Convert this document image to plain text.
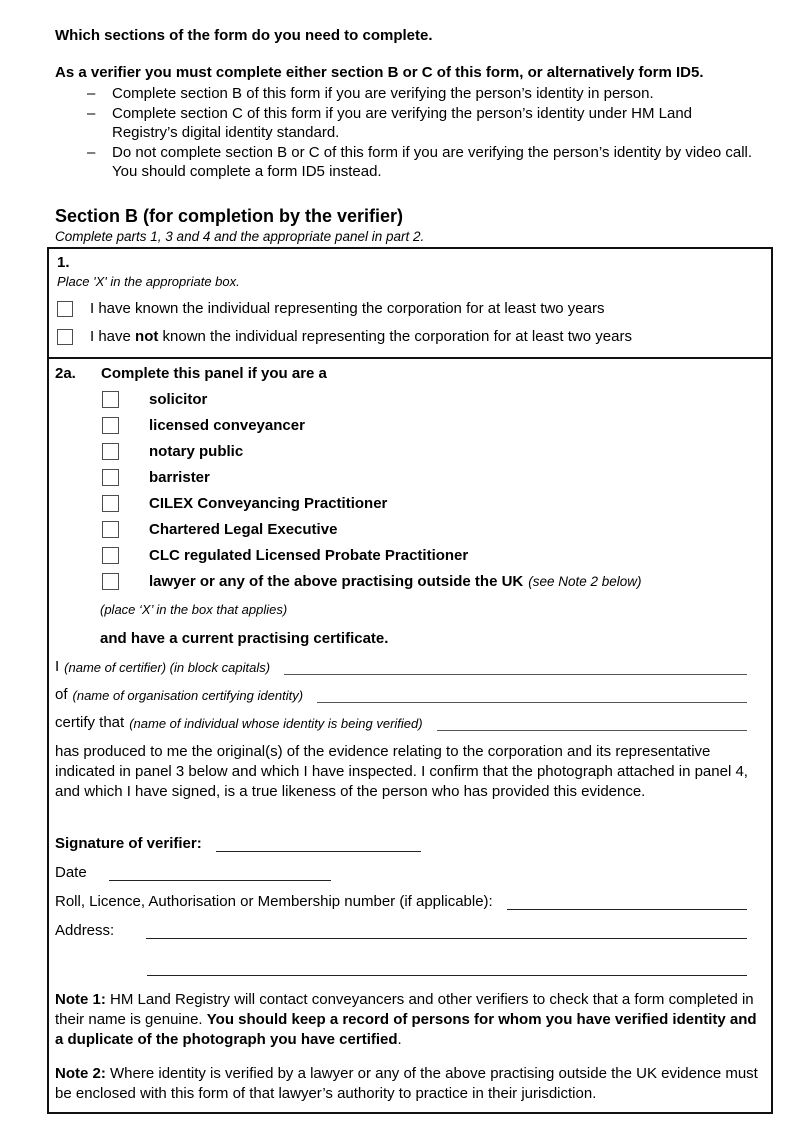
Which sections of the form do you need to complete.
As a verifier you must complete either section B or C of this form, or alternatively form ID5.
– Complete section B of this form if you are verifying the person’s identity in person.
– Complete section C of this form if you are verifying the person’s identity under HM Land Registry’s digital identity standard.
– Do not complete section B or C of this form if you are verifying the person’s identity by video call. You should complete a form ID5 instead.
Section B (for completion by the verifier)
Complete parts 1, 3 and 4 and the appropriate panel in part 2.
1.
Place 'X' in the appropriate box.
I have known the individual representing the corporation for at least two years
I have not known the individual representing the corporation for at least two years
2a.	Complete this panel if you are a
solicitor
licensed conveyancer
notary public
barrister
CILEX Conveyancing Practitioner
Chartered Legal Executive
CLC regulated Licensed Probate Practitioner
lawyer or any of the above practising outside the UK (see Note 2 below)
(place ‘X’ in the box that applies)
and have a current practising certificate.
I (name of certifier) (in block capitals)
of (name of organisation certifying identity)
certify that (name of individual whose identity is being verified)
has produced to me the original(s) of the evidence relating to the corporation and its representative indicated in panel 3 below and which I have inspected. I confirm that the photograph attached in panel 4, and which I have signed, is a true likeness of the person who has provided this evidence.
Signature of verifier:
Date
Roll, Licence, Authorisation or Membership number (if applicable):
Address:
Note 1: HM Land Registry will contact conveyancers and other verifiers to check that a form completed in their name is genuine. You should keep a record of persons for whom you have verified identity and a duplicate of the photograph you have certified.
Note 2: Where identity is verified by a lawyer or any of the above practising outside the UK evidence must be enclosed with this form of that lawyer’s authority to practice in their jurisdiction.
